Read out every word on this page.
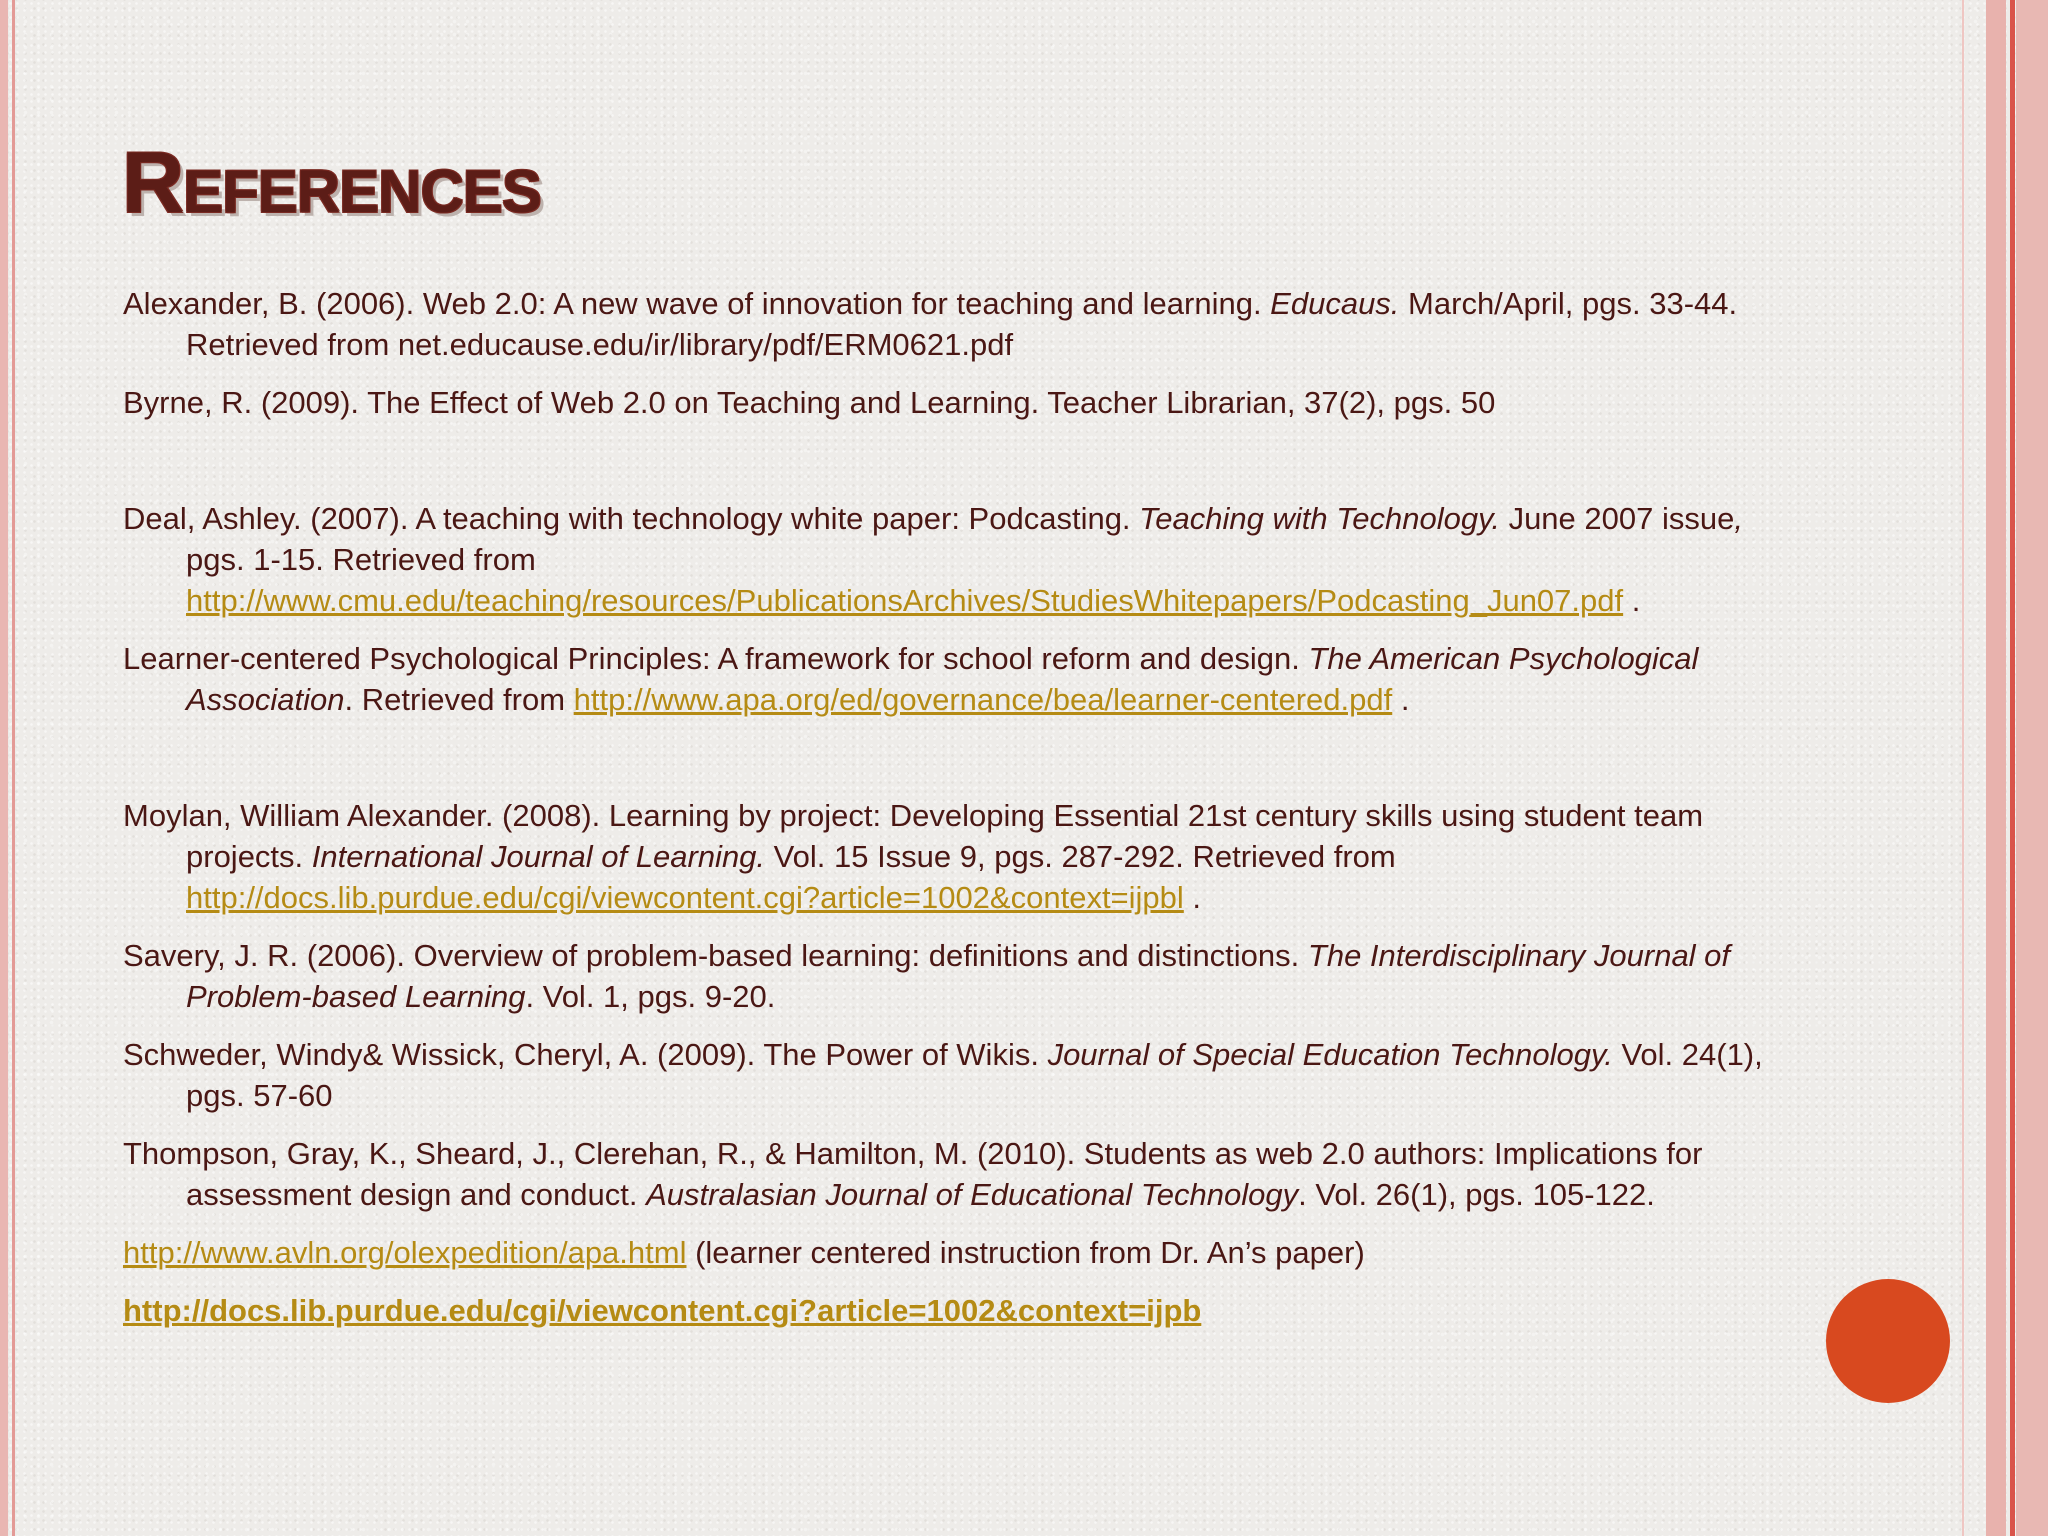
References

Alexander, B. (2006). Web 2.0: A new wave of innovation for teaching and learning. Educaus. March/April, pgs. 33-44. Retrieved from net.educause.edu/ir/library/pdf/ERM0621.pdf

Byrne, R. (2009). The Effect of Web 2.0 on Teaching and Learning. Teacher Librarian, 37(2), pgs. 50

Deal, Ashley. (2007). A teaching with technology white paper: Podcasting. Teaching with Technology. June 2007 issue, pgs. 1-15. Retrieved from
http://www.cmu.edu/teaching/resources/PublicationsArchives/StudiesWhitepapers/Podcasting_Jun07.pdf .

Learner-centered Psychological Principles: A framework for school reform and design. The American Psychological Association. Retrieved from http://www.apa.org/ed/governance/bea/learner-centered.pdf .

Moylan, William Alexander. (2008). Learning by project: Developing Essential 21st century skills using student team projects. International Journal of Learning. Vol. 15 Issue 9, pgs. 287-292. Retrieved from http://docs.lib.purdue.edu/cgi/viewcontent.cgi?article=1002&context=ijpbl .

Savery, J. R. (2006). Overview of problem-based learning: definitions and distinctions. The Interdisciplinary Journal of Problem-based Learning. Vol. 1, pgs. 9-20.

Schweder, Windy& Wissick, Cheryl, A. (2009). The Power of Wikis. Journal of Special Education Technology. Vol. 24(1), pgs. 57-60

Thompson, Gray, K., Sheard, J., Clerehan, R., & Hamilton, M. (2010). Students as web 2.0 authors: Implications for assessment design and conduct. Australasian Journal of Educational Technology. Vol. 26(1), pgs. 105-122.

http://www.avln.org/olexpedition/apa.html (learner centered instruction from Dr. An’s paper)

http://docs.lib.purdue.edu/cgi/viewcontent.cgi?article=1002&context=ijpb
